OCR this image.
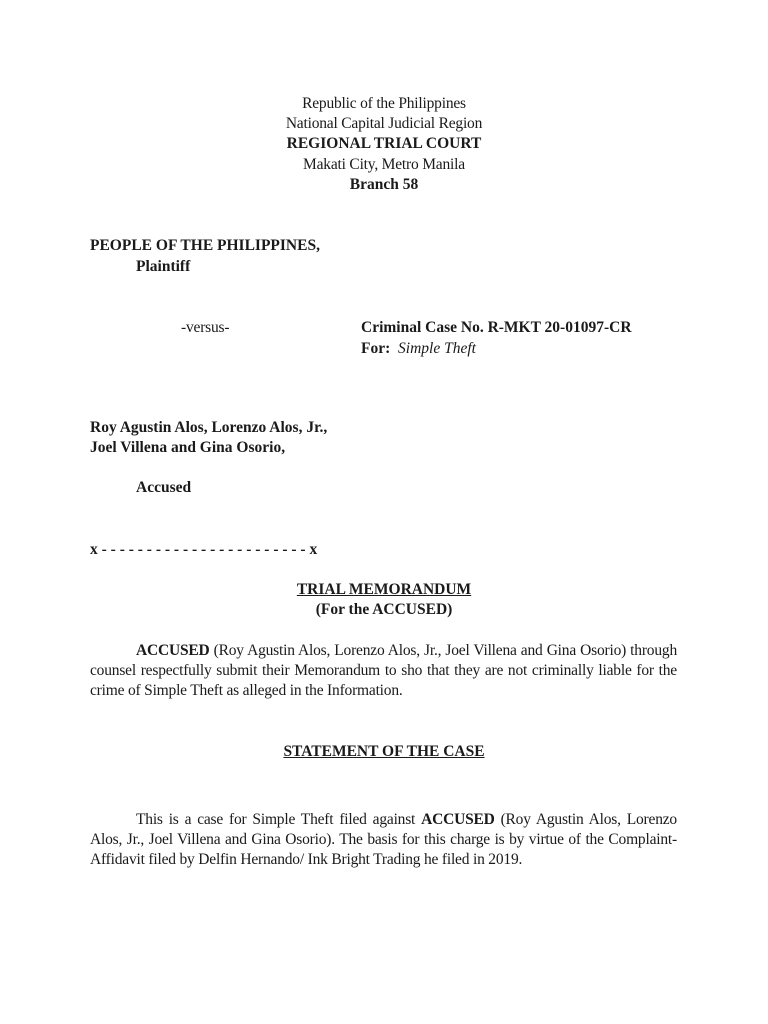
Republic of the Philippines
National Capital Judicial Region
REGIONAL TRIAL COURT
Makati City, Metro Manila
Branch 58
PEOPLE OF THE PHILIPPINES,
Plaintiff
-versus-	Criminal Case No. R-MKT 20-01097-CR
For: Simple Theft
Roy Agustin Alos, Lorenzo Alos, Jr.,
Joel Villena and Gina Osorio,
Accused
x - - - - - - - - - - - - - - - - - - - - - - - x
TRIAL MEMORANDUM
(For the ACCUSED)

ACCUSED (Roy Agustin Alos, Lorenzo Alos, Jr., Joel Villena and Gina Osorio) through counsel respectfully submit their Memorandum to sho that they are not criminally liable for the crime of Simple Theft as alleged in the Information.

STATEMENT OF THE CASE

This is a case for Simple Theft filed against ACCUSED (Roy Agustin Alos, Lorenzo Alos, Jr., Joel Villena and Gina Osorio). The basis for this charge is by virtue of the Complaint-Affidavit filed by Delfin Hernando/ Ink Bright Trading he filed in 2019.
